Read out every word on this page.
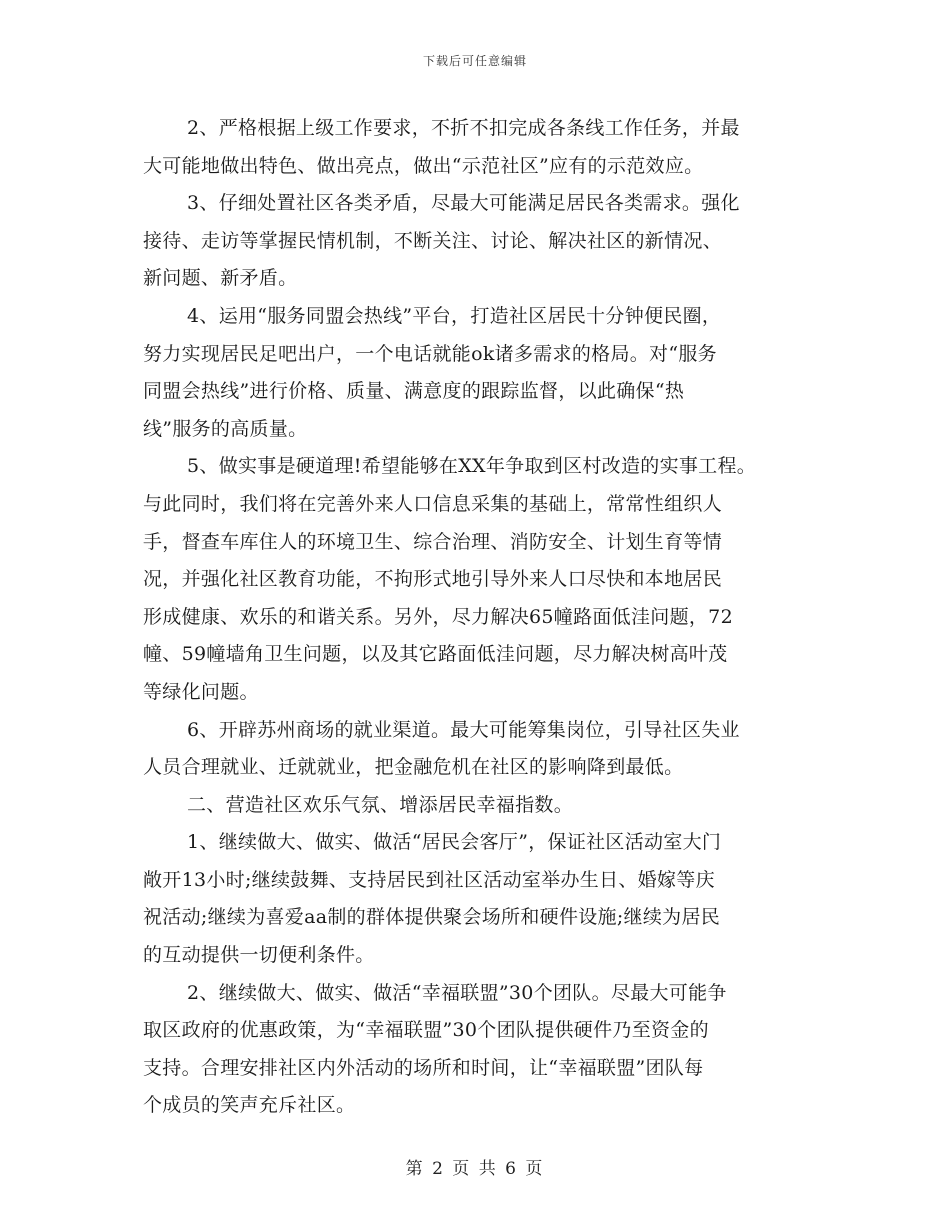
下载后可任意编辑
2、严格根据上级工作要求，不折不扣完成各条线工作任务，并最
大可能地做出特色、做出亮点，做出“示范社区”应有的示范效应。
3、仔细处置社区各类矛盾，尽最大可能满足居民各类需求。强化
接待、走访等掌握民情机制，不断关注、讨论、解决社区的新情况、
新问题、新矛盾。
4、运用“服务同盟会热线”平台，打造社区居民十分钟便民圈，
努力实现居民足吧出户，一个电话就能ok诸多需求的格局。对“服务
同盟会热线”进行价格、质量、满意度的跟踪监督，以此确保“热
线”服务的高质量。
5、做实事是硬道理!希望能够在XX年争取到区村改造的实事工程。
与此同时，我们将在完善外来人口信息采集的基础上，常常性组织人
手，督查车库住人的环境卫生、综合治理、消防安全、计划生育等情
况，并强化社区教育功能，不拘形式地引导外来人口尽快和本地居民
形成健康、欢乐的和谐关系。另外，尽力解决65幢路面低洼问题，72
幢、59幢墙角卫生问题，以及其它路面低洼问题，尽力解决树高叶茂
等绿化问题。
6、开辟苏州商场的就业渠道。最大可能筹集岗位，引导社区失业
人员合理就业、迁就就业，把金融危机在社区的影响降到最低。
二、营造社区欢乐气氛、增添居民幸福指数。
1、继续做大、做实、做活“居民会客厅”，保证社区活动室大门
敞开13小时;继续鼓舞、支持居民到社区活动室举办生日、婚嫁等庆
祝活动;继续为喜爱aa制的群体提供聚会场所和硬件设施;继续为居民
的互动提供一切便利条件。
2、继续做大、做实、做活“幸福联盟”30个团队。尽最大可能争
取区政府的优惠政策，为“幸福联盟”30个团队提供硬件乃至资金的
支持。合理安排社区内外活动的场所和时间，让“幸福联盟”团队每
个成员的笑声充斥社区。
第 2 页 共 6 页
